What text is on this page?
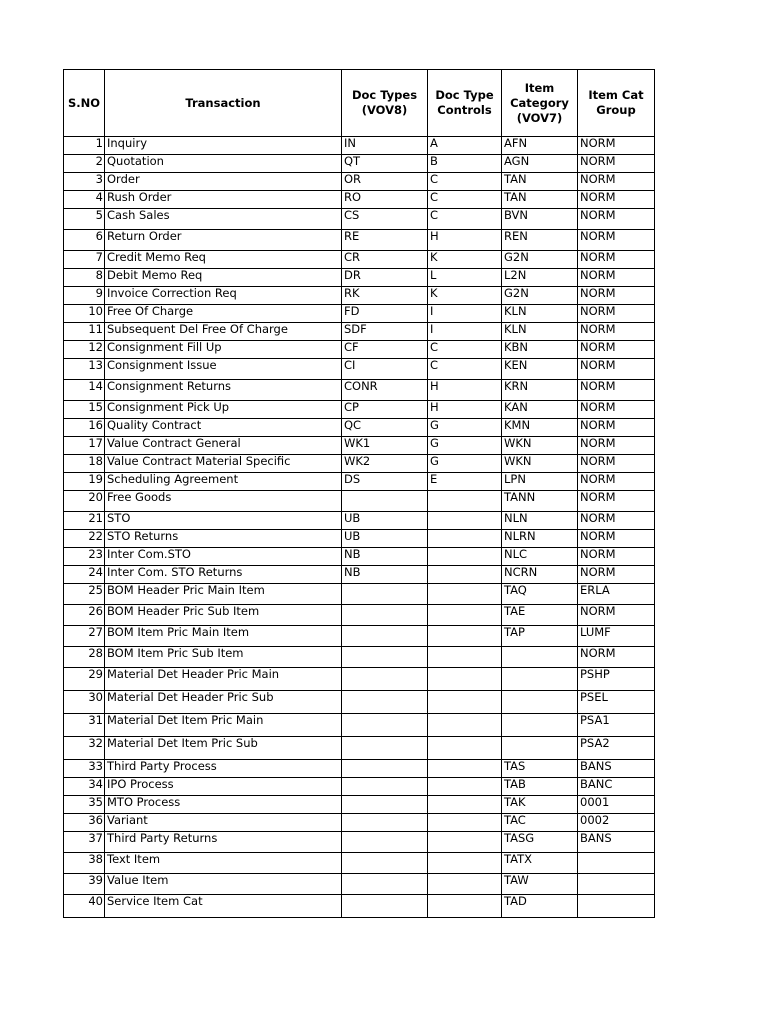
S.NO	Transaction	Doc Types (VOV8)	Doc Type Controls	Item Category (VOV7)	Item Cat Group
1	Inquiry	IN	A	AFN	NORM
2	Quotation	QT	B	AGN	NORM
3	Order	OR	C	TAN	NORM
4	Rush Order	RO	C	TAN	NORM
5	Cash Sales	CS	C	BVN	NORM
6	Return Order	RE	H	REN	NORM
7	Credit Memo Req	CR	K	G2N	NORM
8	Debit Memo Req	DR	L	L2N	NORM
9	Invoice Correction Req	RK	K	G2N	NORM
10	Free Of Charge	FD	I	KLN	NORM
11	Subsequent Del Free Of Charge	SDF	I	KLN	NORM
12	Consignment Fill Up	CF	C	KBN	NORM
13	Consignment Issue	CI	C	KEN	NORM
14	Consignment Returns	CONR	H	KRN	NORM
15	Consignment Pick Up	CP	H	KAN	NORM
16	Quality Contract	QC	G	KMN	NORM
17	Value Contract General	WK1	G	WKN	NORM
18	Value Contract Material Specific	WK2	G	WKN	NORM
19	Scheduling Agreement	DS	E	LPN	NORM
20	Free Goods			TANN	NORM
21	STO	UB		NLN	NORM
22	STO Returns	UB		NLRN	NORM
23	Inter Com.STO	NB		NLC	NORM
24	Inter Com. STO Returns	NB		NCRN	NORM
25	BOM Header Pric Main Item			TAQ	ERLA
26	BOM Header Pric Sub Item			TAE	NORM
27	BOM Item Pric Main Item			TAP	LUMF
28	BOM Item Pric Sub Item				NORM
29	Material Det Header Pric Main				PSHP
30	Material Det Header Pric Sub				PSEL
31	Material Det Item Pric Main				PSA1
32	Material Det Item Pric Sub				PSA2
33	Third Party Process			TAS	BANS
34	IPO Process			TAB	BANC
35	MTO Process			TAK	0001
36	Variant			TAC	0002
37	Third Party Returns			TASG	BANS
38	Text Item			TATX	
39	Value Item			TAW	
40	Service Item Cat			TAD	
